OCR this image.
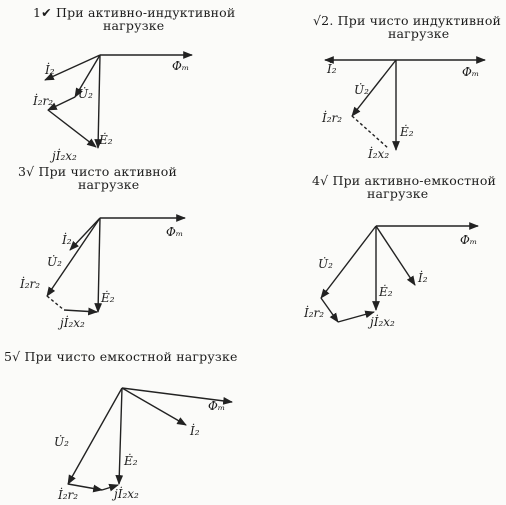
1✔ При активно-индуктивной
нагрузке	√2. При чисто индуктивной
нагрузке
3√ При чисто активной
нагрузке	4√ При активно-емкостной
нагрузке
5√ При чисто емкостной нагрузке
Φₘ
İ₂
U̇₂
İ₂r₂
Ė₂
jİ₂x₂
İ₂	Φₘ
U̇₂
İ₂r₂
Ė₂
İ₂x₂
Φₘ
İ₂
U̇₂
İ₂r₂
Ė₂
jİ₂x₂
Φₘ
U̇₂
İ₂
Ė₂
İ₂r₂
jİ₂x₂
Φₘ
İ₂
U̇₂
Ė₂
İ₂r₂	jİ₂x₂
